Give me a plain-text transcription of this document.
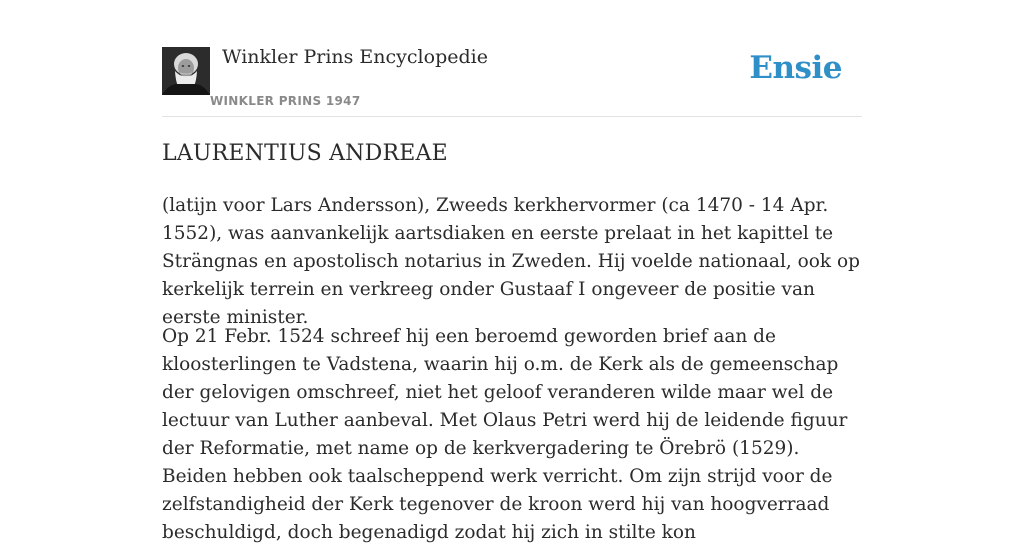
Winkler Prins Encyclopedie
WINKLER PRINS 1947
Ensie
LAURENTIUS ANDREAE

(latijn voor Lars Andersson), Zweeds kerkhervormer (ca 1470 - 14 Apr. 1552), was aanvankelijk aartsdiaken en eerste prelaat in het kapittel te Strängnas en apostolisch notarius in Zweden. Hij voelde nationaal, ook op kerkelijk terrein en verkreeg onder Gustaaf I ongeveer de positie van eerste minister.

Op 21 Febr. 1524 schreef hij een beroemd geworden brief aan de kloosterlingen te Vadstena, waarin hij o.m. de Kerk als de gemeenschap der gelovigen omschreef, niet het geloof veranderen wilde maar wel de lectuur van Luther aanbeval. Met Olaus Petri werd hij de leidende figuur der Reformatie, met name op de kerkvergadering te Örebrö (1529). Beiden hebben ook taalscheppend werk verricht. Om zijn strijd voor de zelfstandigheid der Kerk tegenover de kroon werd hij van hoogverraad beschuldigd, doch begenadigd zodat hij zich in stilte kon
